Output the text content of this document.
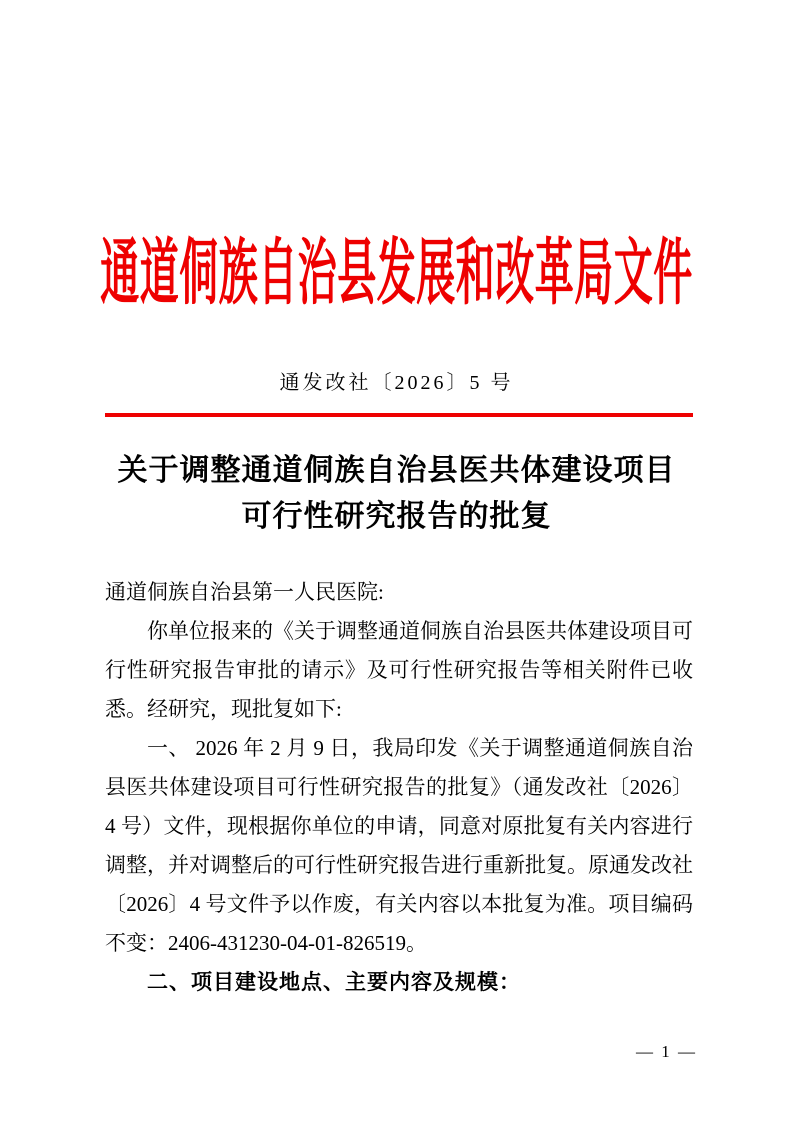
通道侗族自治县发展和改革局文件
通发改社〔2026〕5 号
关于调整通道侗族自治县医共体建设项目
可行性研究报告的批复
通道侗族自治县第一人民医院:
你单位报来的《关于调整通道侗族自治县医共体建设项目可
行性研究报告审批的请示》及可行性研究报告等相关附件已收
悉。经研究，现批复如下:
一、 2026 年 2 月 9 日，我局印发《关于调整通道侗族自治
县医共体建设项目可行性研究报告的批复》（通发改社〔2026〕
4 号）文件，现根据你单位的申请，同意对原批复有关内容进行
调整，并对调整后的可行性研究报告进行重新批复。原通发改社
〔2026〕4 号文件予以作废，有关内容以本批复为准。项目编码
不变：2406-431230-04-01-826519。
二、项目建设地点、主要内容及规模：
— 1 —
